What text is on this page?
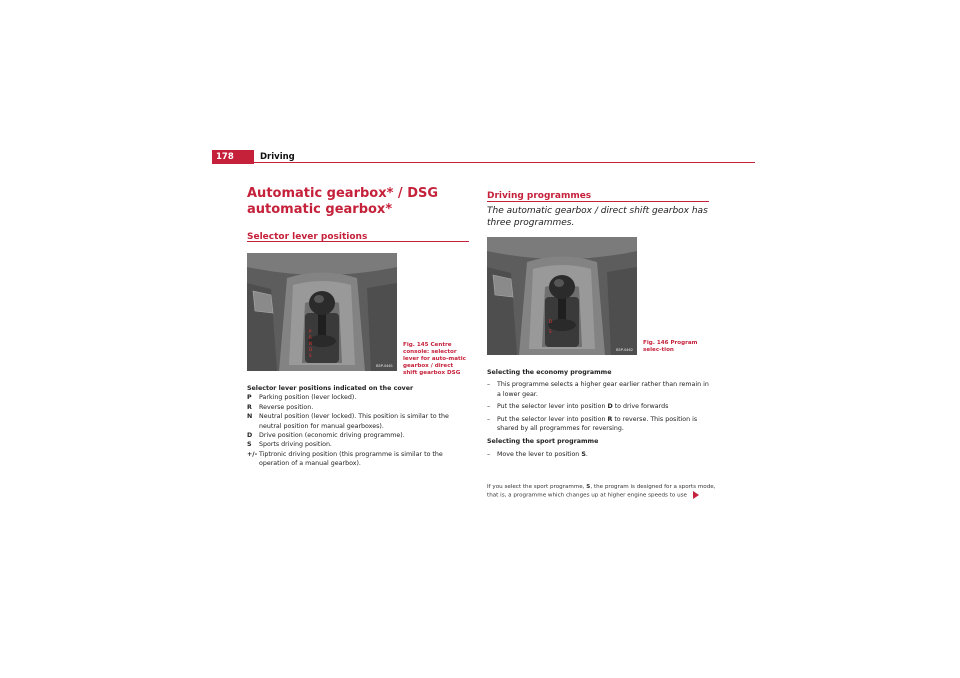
178	Driving
Automatic gearbox* / DSG automatic gearbox*
Selector lever positions
P
R
N
D
S
B5P-0461
Fig. 145 Centre console: selector lever for auto-matic gearbox / direct shift gearbox DSG
Selector lever positions indicated on the cover
P	Parking position (lever locked).
R	Reverse position.
N	Neutral position (lever locked). This position is similar to the neutral position for manual gearboxes).
D	Drive position (economic driving programme).
S	Sports driving position.
+/- Tiptronic driving position (this programme is similar to the operation of a manual gearbox).
Driving programmes
The automatic gearbox / direct shift gearbox has three programmes.
D
S
B5P-0462
Fig. 146 Program selec-tion
Selecting the economy programme
–	This programme selects a higher gear earlier rather than remain in a lower gear.
–	Put the selector lever into position D to drive forwards
–	Put the selector lever into position R to reverse. This position is shared by all programmes for reversing.
Selecting the sport programme
–	Move the lever to position S.
If you select the sport programme, S, the program is designed for a sports mode, that is, a programme which changes up at higher engine speeds to use
